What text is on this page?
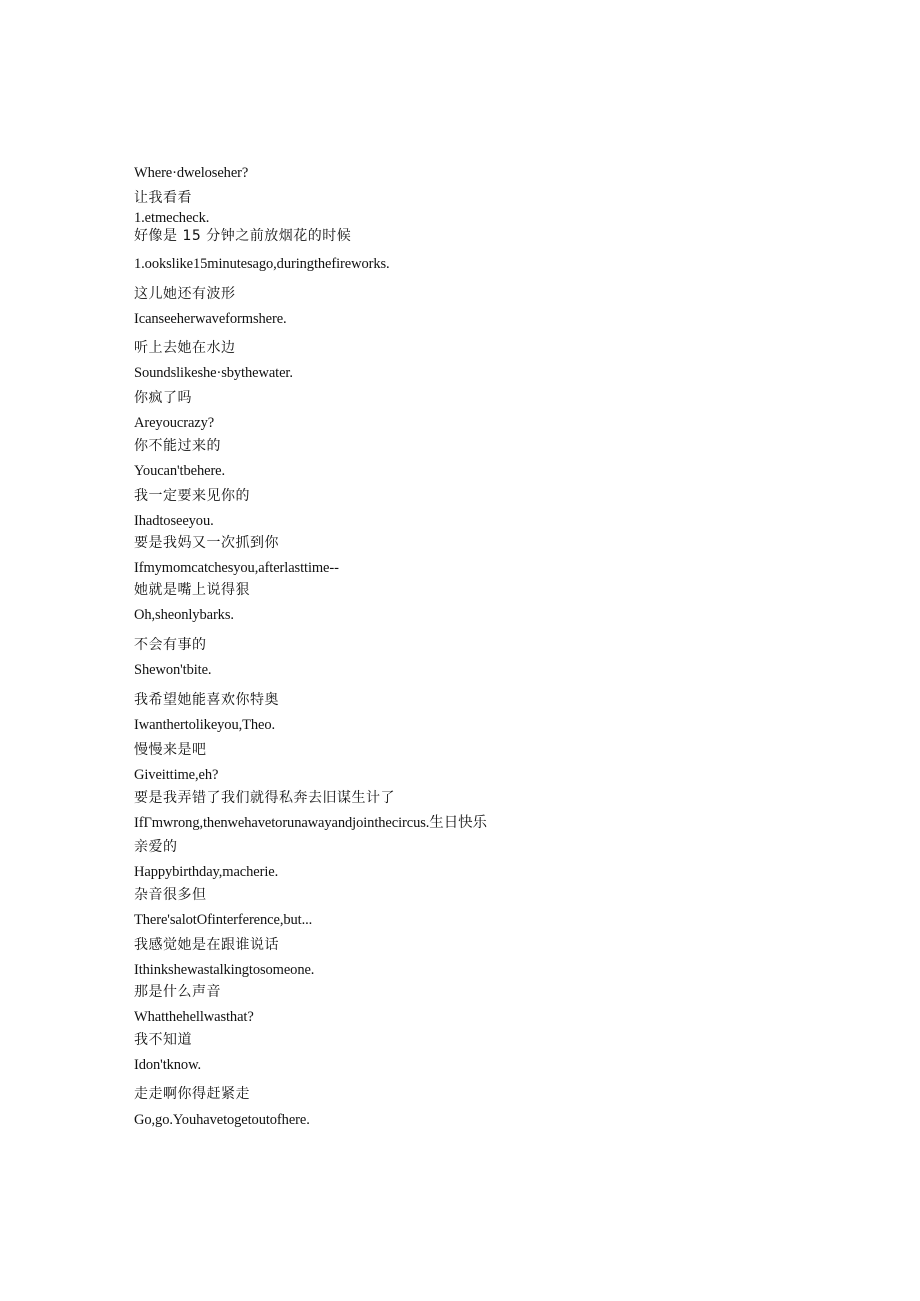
Where·dweloseher?
让我看看
1.etmecheck.
好像是 15 分钟之前放烟花的时候
1.ookslike15minutesago,duringthefireworks.
这儿她还有波形
Icanseeherwaveformshere.
听上去她在水边
Soundslikeshe·sbythewater.
你疯了吗
Areyoucrazy?
你不能过来的
Youcan'tbehere.
我一定要来见你的
Ihadtoseeyou.
要是我妈又一次抓到你
Ifmymomcatchesyou,afterlasttime--
她就是嘴上说得狠
Oh,sheonlybarks.
不会有事的
Shewon'tbite.
我希望她能喜欢你特奥
Iwanthertolikeyou,Theo.
慢慢来是吧
Giveittime,eh?
要是我弄错了我们就得私奔去旧谋生计了
IfΓmwrong,thenwehavetorunawayandjointhecircus.生日快乐
亲爱的
Happybirthday,macherie.
杂音很多但
There'salotOfinterference,but...
我感觉她是在跟谁说话
Ithinkshewastalkingtosomeone.
那是什么声音
Whatthehellwasthat?
我不知道
Idon'tknow.
走走啊你得赶紧走
Go,go.Youhavetogetoutofhere.
